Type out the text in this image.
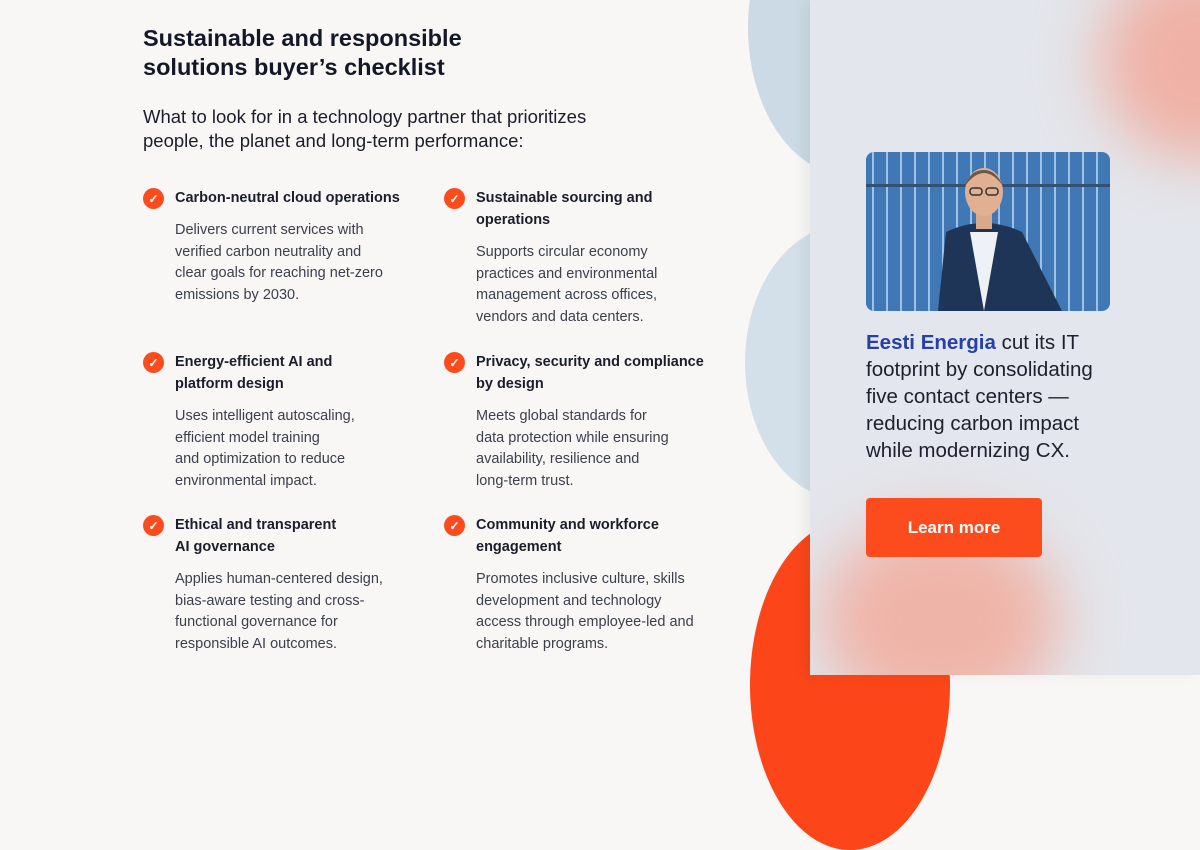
Sustainable and responsible
solutions buyer’s checklist
What to look for in a technology partner that prioritizes
people, the planet and long-term performance:
✓	Carbon-neutral cloud operations
Delivers current services with
verified carbon neutrality and
clear goals for reaching net-zero
emissions by 2030.
✓	Sustainable sourcing and
operations
Supports circular economy
practices and environmental
management across offices,
vendors and data centers.
✓	Energy-efficient AI and
platform design
Uses intelligent autoscaling,
efficient model training
and optimization to reduce
environmental impact.
✓	Privacy, security and compliance
by design
Meets global standards for
data protection while ensuring
availability, resilience and
long-term trust.
✓	Ethical and transparent
AI governance
Applies human-centered design,
bias-aware testing and cross-
functional governance for
responsible AI outcomes.
✓	Community and workforce
engagement
Promotes inclusive culture, skills
development and technology
access through employee-led and
charitable programs.
Eesti Energia cut its IT footprint by consolidating five contact centers — reducing carbon impact while modernizing CX.
Learn more
